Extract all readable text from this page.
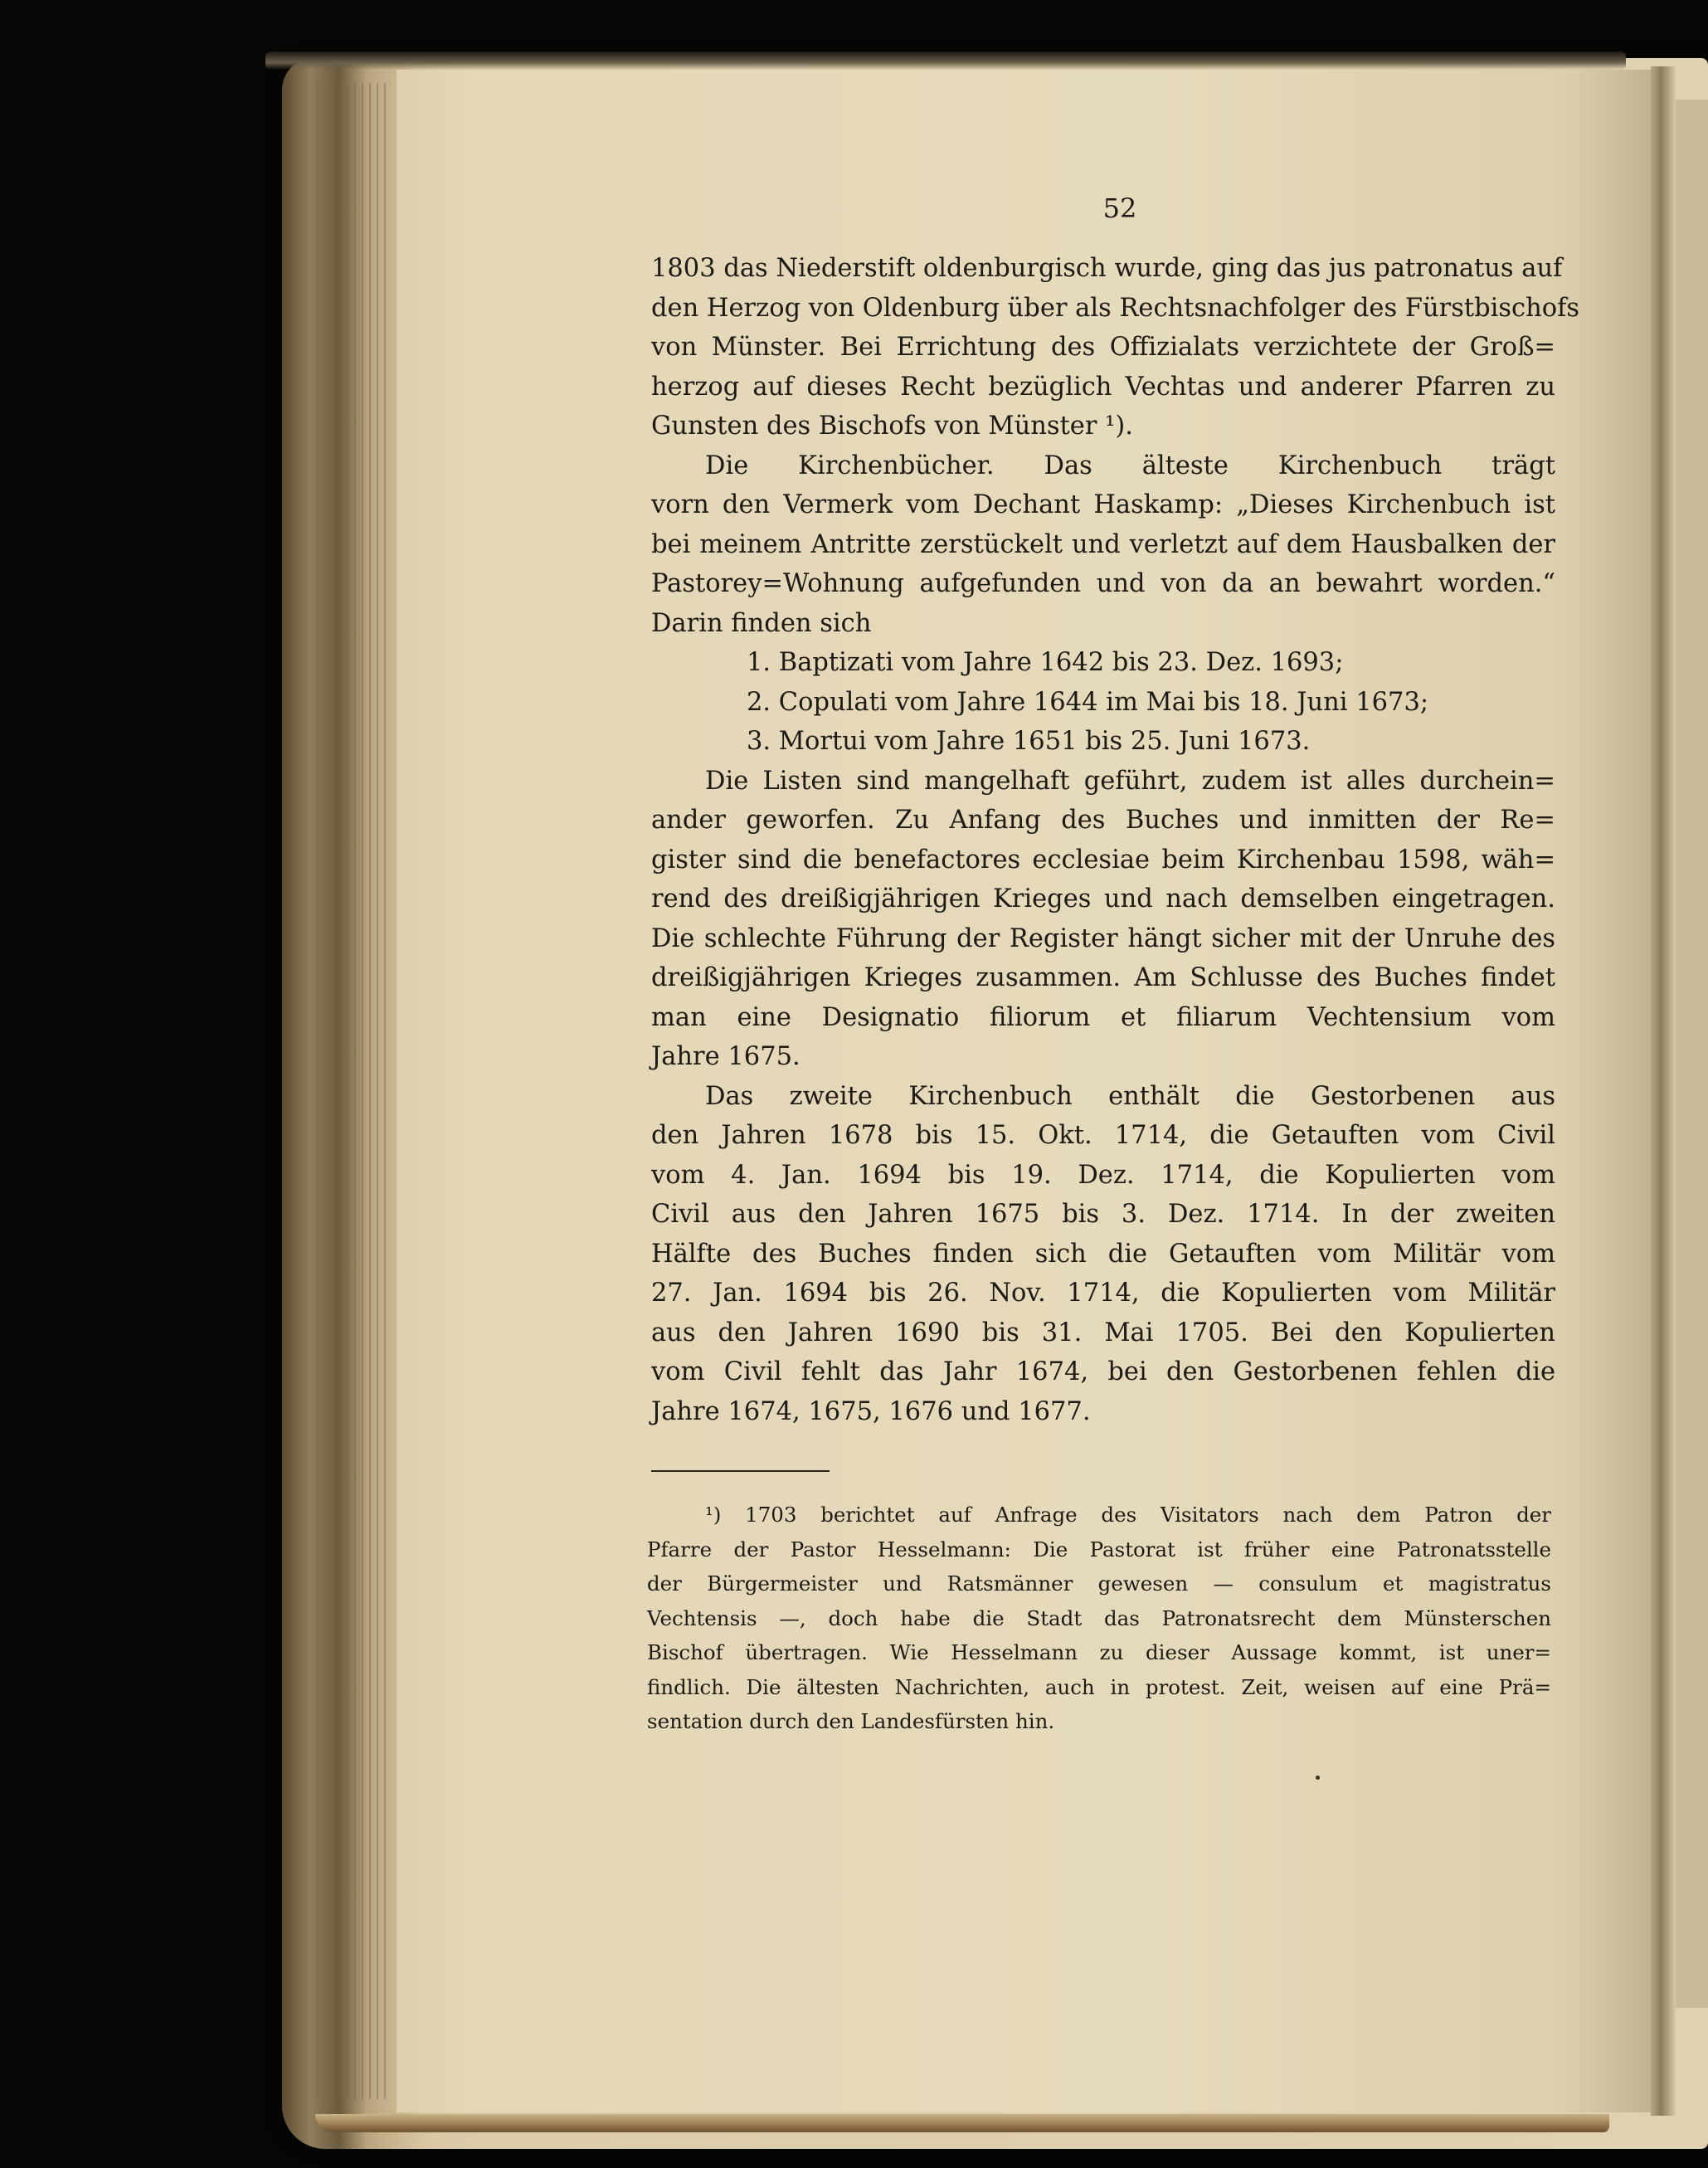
52
1803 das Niederstift oldenburgisch wurde, ging das jus patronatus auf
den Herzog von Oldenburg über als Rechtsnachfolger des Fürstbischofs
von Münster. Bei Errichtung des Offizialats verzichtete der Groß=
herzog auf dieses Recht bezüglich Vechtas und anderer Pfarren zu
Gunsten des Bischofs von Münster ¹).
Die Kirchenbücher. Das älteste Kirchenbuch trägt
vorn den Vermerk vom Dechant Haskamp: „Dieses Kirchenbuch ist
bei meinem Antritte zerstückelt und verletzt auf dem Hausbalken der
Pastorey=Wohnung aufgefunden und von da an bewahrt worden.“
Darin finden sich
1. Baptizati vom Jahre 1642 bis 23. Dez. 1693;
2. Copulati vom Jahre 1644 im Mai bis 18. Juni 1673;
3. Mortui vom Jahre 1651 bis 25. Juni 1673.
Die Listen sind mangelhaft geführt, zudem ist alles durchein=
ander geworfen. Zu Anfang des Buches und inmitten der Re=
gister sind die benefactores ecclesiae beim Kirchenbau 1598, wäh=
rend des dreißigjährigen Krieges und nach demselben eingetragen.
Die schlechte Führung der Register hängt sicher mit der Unruhe des
dreißigjährigen Krieges zusammen. Am Schlusse des Buches findet
man eine Designatio filiorum et filiarum Vechtensium vom
Jahre 1675.
Das zweite Kirchenbuch enthält die Gestorbenen aus
den Jahren 1678 bis 15. Okt. 1714, die Getauften vom Civil
vom 4. Jan. 1694 bis 19. Dez. 1714, die Kopulierten vom
Civil aus den Jahren 1675 bis 3. Dez. 1714. In der zweiten
Hälfte des Buches finden sich die Getauften vom Militär vom
27. Jan. 1694 bis 26. Nov. 1714, die Kopulierten vom Militär
aus den Jahren 1690 bis 31. Mai 1705. Bei den Kopulierten
vom Civil fehlt das Jahr 1674, bei den Gestorbenen fehlen die
Jahre 1674, 1675, 1676 und 1677.
¹) 1703 berichtet auf Anfrage des Visitators nach dem Patron der
Pfarre der Pastor Hesselmann: Die Pastorat ist früher eine Patronatsstelle
der Bürgermeister und Ratsmänner gewesen — consulum et magistratus
Vechtensis —, doch habe die Stadt das Patronatsrecht dem Münsterschen
Bischof übertragen. Wie Hesselmann zu dieser Aussage kommt, ist uner=
findlich. Die ältesten Nachrichten, auch in protest. Zeit, weisen auf eine Prä=
sentation durch den Landesfürsten hin.
